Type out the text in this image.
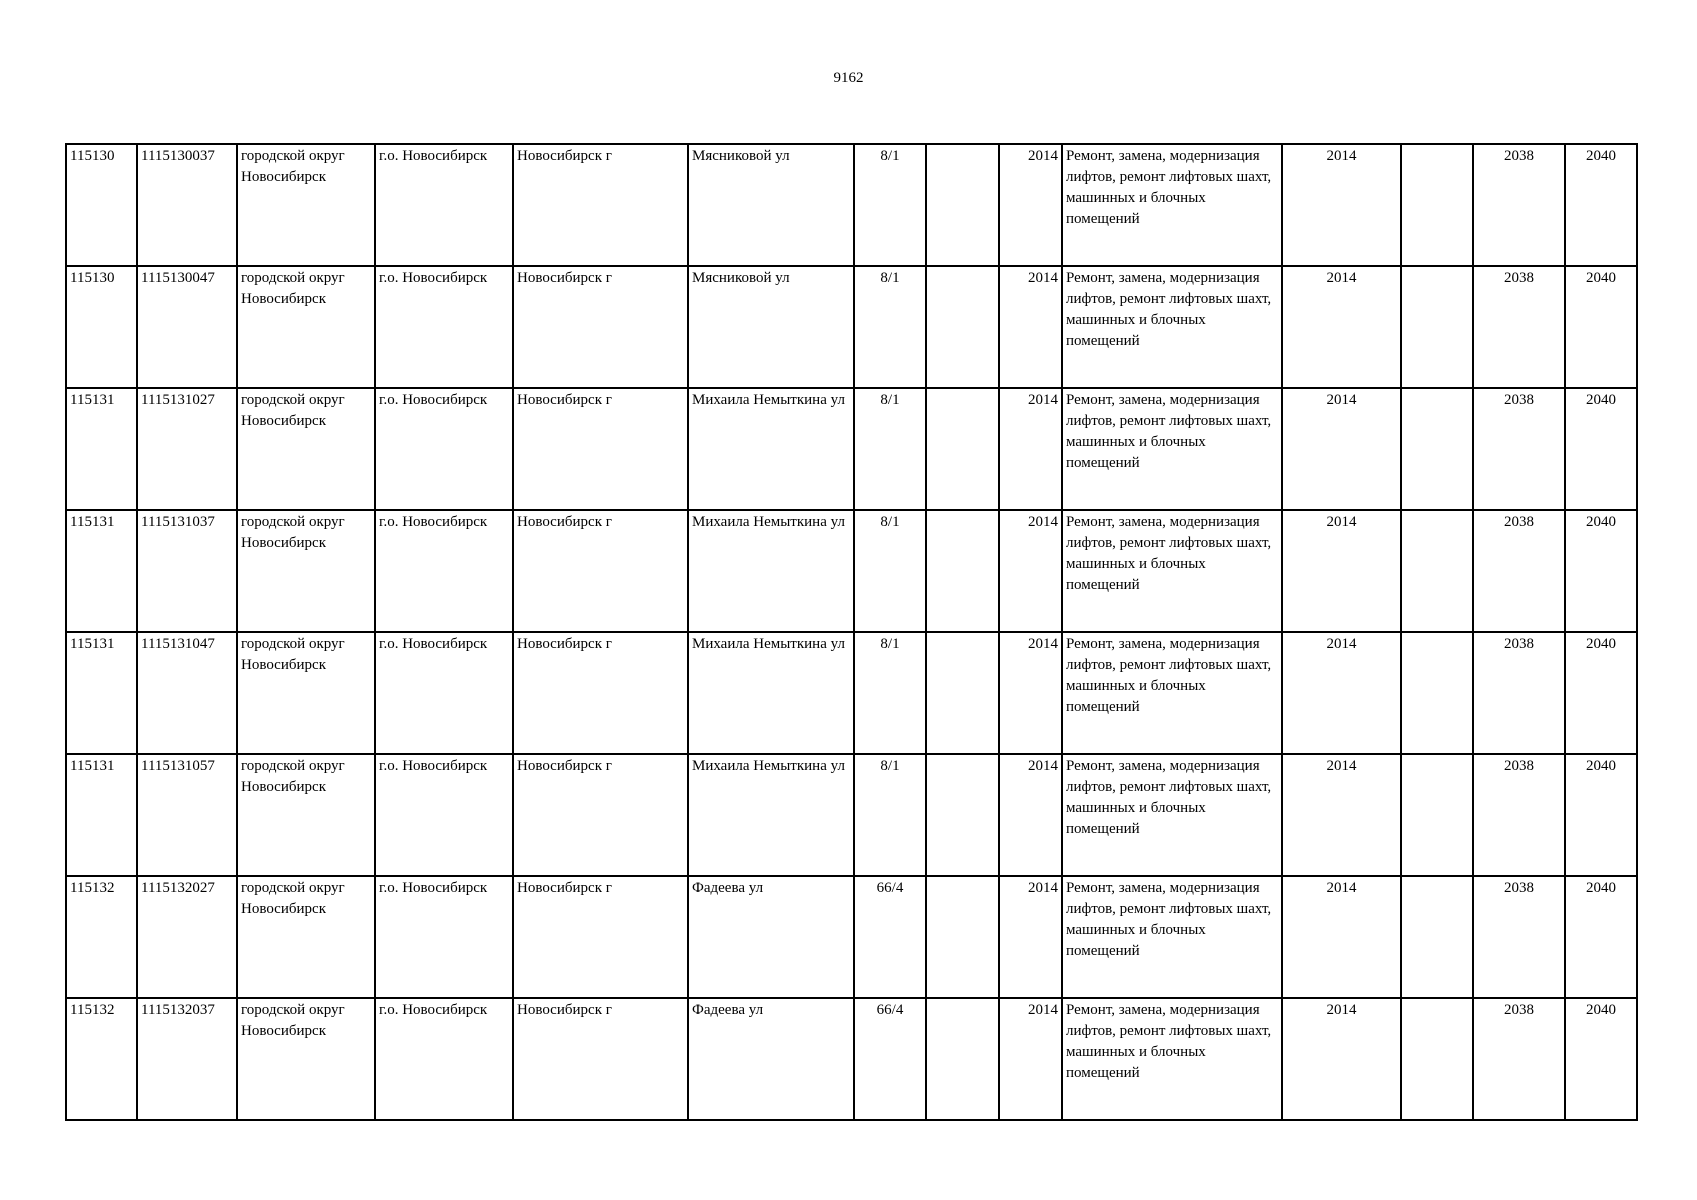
9162
115130	1115130037	городской округ Новосибирск	г.о. Новосибирск	Новосибирск г	Мясниковой ул	8/1		2014	Ремонт, замена, модернизация лифтов, ремонт лифтовых шахт, машинных и блочных помещений	2014		2038	2040
115130	1115130047	городской округ Новосибирск	г.о. Новосибирск	Новосибирск г	Мясниковой ул	8/1		2014	Ремонт, замена, модернизация лифтов, ремонт лифтовых шахт, машинных и блочных помещений	2014		2038	2040
115131	1115131027	городской округ Новосибирск	г.о. Новосибирск	Новосибирск г	Михаила Немыткина ул	8/1		2014	Ремонт, замена, модернизация лифтов, ремонт лифтовых шахт, машинных и блочных помещений	2014		2038	2040
115131	1115131037	городской округ Новосибирск	г.о. Новосибирск	Новосибирск г	Михаила Немыткина ул	8/1		2014	Ремонт, замена, модернизация лифтов, ремонт лифтовых шахт, машинных и блочных помещений	2014		2038	2040
115131	1115131047	городской округ Новосибирск	г.о. Новосибирск	Новосибирск г	Михаила Немыткина ул	8/1		2014	Ремонт, замена, модернизация лифтов, ремонт лифтовых шахт, машинных и блочных помещений	2014		2038	2040
115131	1115131057	городской округ Новосибирск	г.о. Новосибирск	Новосибирск г	Михаила Немыткина ул	8/1		2014	Ремонт, замена, модернизация лифтов, ремонт лифтовых шахт, машинных и блочных помещений	2014		2038	2040
115132	1115132027	городской округ Новосибирск	г.о. Новосибирск	Новосибирск г	Фадеева ул	66/4		2014	Ремонт, замена, модернизация лифтов, ремонт лифтовых шахт, машинных и блочных помещений	2014		2038	2040
115132	1115132037	городской округ Новосибирск	г.о. Новосибирск	Новосибирск г	Фадеева ул	66/4		2014	Ремонт, замена, модернизация лифтов, ремонт лифтовых шахт, машинных и блочных помещений	2014		2038	2040
